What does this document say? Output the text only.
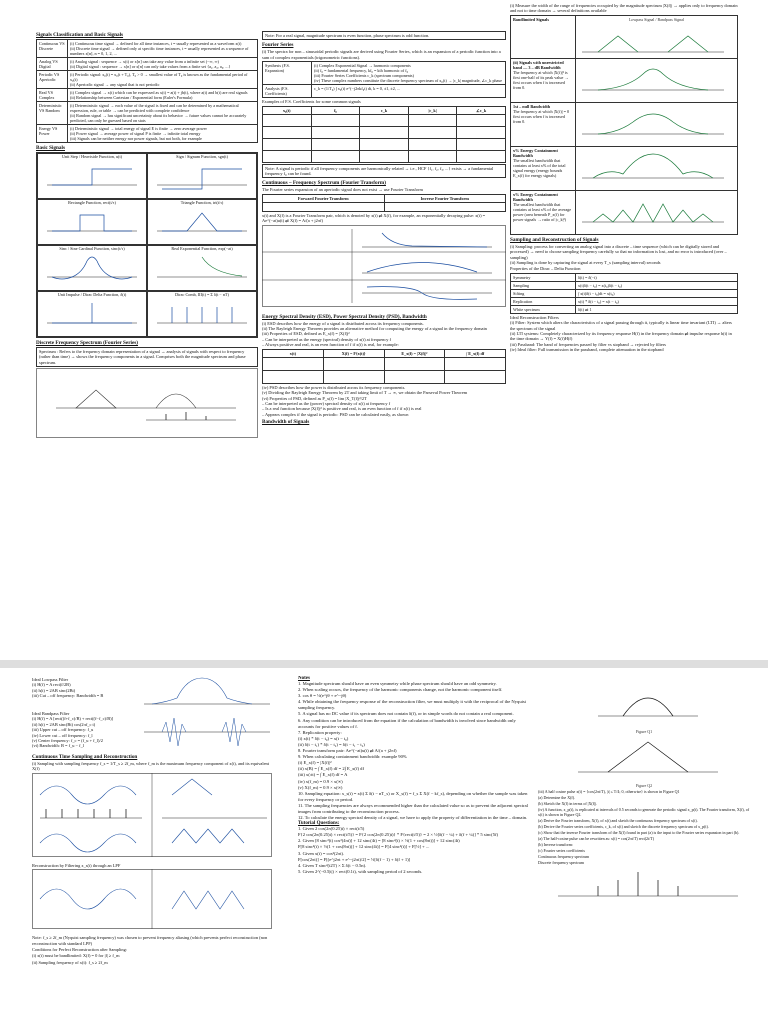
Signals Classification and Basic Signals
Continuous VS Discrete	(i) Continuous time signal → defined for all time instances, t = usually represented as a waveform x(t)
(ii) Discrete time signal → defined only at specific time instances, t = usually represented as a sequence of numbers x[n], n = 0, 1, 2, ...
Analog VS Digital	(i) Analog signal : sequence → x(t) or x[n] can take any value from a infinite set (−∞, ∞)
(ii) Digital signal : sequence → x[n] or x[n] can only take values from a finite set {a₁, a₂, a₃, ...}
Periodic VS Aperiodic	(i) Periodic signal: x₀(t) = x₀(t + T₀), T₀ > 0 → smallest value of T₀ is known as the fundamental period of x₀(t)
(ii) Aperiodic signal → any signal that is not periodic
Real VS Complex	(i) Complex signal → x(t) which can be expressed as x(t) = a(t) + jb(t), where a(t) and b(t) are real signals
(ii) Relationship between Cartesian / Exponential form (Euler's Formula)
Deterministic VS Random	(i) Deterministic signal → each value of the signal is fixed and can be determined by a mathematical expression, rule, or table → can be predicted with complete confidence
(ii) Random signal → has significant uncertainty about its behavior → future values cannot be accurately predicted, can only be guessed based on stats
Energy VS Power	(i) Deterministic signal → total energy of signal E is finite → zero average power
(ii) Power signal → average power of signal P is finite → infinite total energy
(iii) Signals can be neither energy nor power signals, but not both, for example
Basic Signals
Unit Step / Heaviside Function, u(t)	Sign / Signum Function, sgn(t)
Rectangle Function, rect(t/τ)	Triangle Function, tri(t/τ)
Sinc / Sine Cardinal Function, sinc(t/τ)	Real Exponential Function, exp(−at)
Unit Impulse / Dirac Delta Function, δ(t)	Dirac Comb, III(t) = Σ δ(t − nT)
Discrete Frequency Spectrum (Fourier Series)
Spectrum : Refers to the frequency domain representation of a signal → analysis of signals with respect to frequency (rather than time) → shows the frequency components in a signal. Comprises both the magnitude spectrum and phase spectrum.
Note: For a real signal, magnitude spectrum is even function, phase spectrum is odd function.
Fourier Series
(i) The spectra for non – sinusoidal periodic signals are derived using Fourier Series, which is an expansion of a periodic function into a sum of complex exponentials (trigonometric functions).
Synthesis (F.S. Expansion)	(i) Complex Exponential Signal → harmonic components
(ii) f₀ = fundamental frequency, kf₀ = kth harmonic of f₀
(iii) Fourier Series Coefficients c_k (spectrum components)
(iv) These complex numbers constitute the discrete frequency spectrum of x₀(t) → |c_k| magnitude, ∠c_k phase
Analysis (F.S. Coefficients)	c_k = (1/T₀) ∫ x₀(t) e^(−j2πkf₀t) dt, k = 0, ±1, ±2, ...
Examples of F.S. Coefficients for some common signals
x₀(t)	f₀	c_k	|c_k|	∠c_k

Note: A signal is periodic if all frequency components are harmonically related → i.e., HCF {f₁, f₂, f₃, ...} exists → a fundamental frequency f₀ can be found.
Continuous – Frequency Spectrum (Fourier Transform)
The Fourier series expansion of an aperiodic signal does not exist → use Fourier Transform
Forward Fourier Transform	Inverse Fourier Transform

x(t) and X(f) is a Fourier Transform pair, which is denoted by x(t) ⇌ X(f), for example, an exponentially decaying pulse: x(t) = Ae^(−at)u(t) ⇌ X(f) = A/(a + j2πf)
Energy Spectral Density (ESD), Power Spectral Density (PSD), Bandwidth
(i) ESD describes how the energy of a signal is distributed across its frequency components.
(ii) The Rayleigh Energy Theorem provides an alternative method for computing the energy of a signal in the frequency domain
(iii) Properties of ESD, defined as E_x(f) = |X(f)|²
– Can be interpreted as the energy (spectral) density of x(t) at frequency f
– Always positive and real, is an even function of f if x(t) is real, for example:
x(t)	X(f) = F{x(t)}	E_x(f) = |X(f)|²	∫ E_x(f) df

(iv) PSD describes how the power is distributed across its frequency components.
(v) Dividing the Rayleigh Energy Theorem by 2T and taking limit of T → ∞, we obtain the Parseval Power Theorem
(vi) Properties of PSD, defined as P_x(f) = lim |X_T(f)|²/2T
– Can be interpreted as the (power) spectral density of x(t) at frequency f
– Is a real function because |X(f)|² is positive and real, is an even function of f if x(t) is real
– Appears complex if the signal is periodic: PSD can be calculated easily, as shown
Bandwidth of Signals
(i) Measure the width of the range of frequencies occupied by the magnitude spectrum |X(f)| → applies only to frequency domain and not to time domain → several definitions available
Bandlimited Signals	Lowpass Signal / Bandpass Signal

(ii) Signals with unrestricted band — 3 – dB Bandwidth
The frequency at which |X(f)|² is first one-half of its peak value → first occurs when f is increased from 0.

1st – null Bandwidth
The frequency at which |X(f)| = 0 first occurs when f is increased from 0.

x% Energy Containment Bandwidth
The smallest bandwidth that contains at least x% of the total signal energy (energy bounds E_x(f) for energy signals)

x% Energy Containment Bandwidth
The smallest bandwidth that contains at least x% of the average power (area beneath P_x(f) for power signals → ratio of |c_k|²)

Sampling and Reconstruction of Signals
(i) Sampling: process for converting an analog signal into a discrete – time sequence (which can be digitally stored and processed) → need to choose sampling frequency carefully so that no information is lost, and no error is introduced (over – sampling)
(ii) Sampling is done by capturing the signal at every T_s (sampling interval) seconds
Properties of the Dirac – Delta Function
Symmetry	δ(t) = δ(−t)
Sampling	x(t)δ(t − t₀) = x(t₀)δ(t − t₀)
Sifting	∫ x(t)δ(t − t₀)dt = x(t₀)
Replication	x(t) * δ(t − t₀) = x(t − t₀)
White spectrum	δ(t) ⇌ 1
Ideal Reconstruction Filters
(i) Filter: System which alters the characteristics of a signal passing through it, typically is linear time invariant (LTI) → alters the spectrum of the signal
(ii) LTI systems: Completely characterized by its frequency response H(f) in the frequency domain ⇌ impulse response h(t) in the time domain → Y(f) = X(f)H(f)
(iii) Passband: The band of frequencies passed by filter vs stopband → rejected by filters
(iv) Ideal filter: Full transmission in the passband, complete attenuation in the stopband
Ideal Lowpass Filter
(i) H(f) = A rect(f/2B)
(ii) h(t) = 2AB sinc(2Bt)
(iii) Cut – off frequency: Bandwidth = B
Ideal Bandpass Filter
(i) H(f) = A [rect((f+f_c)/B) + rect((f−f_c)/B)]
(ii) h(t) = 2AB sinc(Bt) cos(2πf_c t)
(iii) Upper cut – off frequency: f_u
(iv) Lower cut – off frequency: f_l
(v) Center frequency: f_c = (f_u + f_l)/2
(vi) Bandwidth: B = f_u − f_l
Continuous Time Sampling and Reconstruction
(i) Sampling with sampling frequency f_s = 1/T_s ≥ 2f_m, where f_m is the maximum frequency component of x(t), and its equivalent X(f)
Reconstruction by Filtering x_s(t) through an LPF
Note: f_s ≥ 2f_m (Nyquist sampling frequency) was chosen to prevent frequency aliasing (which prevents perfect reconstruction (non reconstruction with standard LPF)
Conditions for Perfect Reconstruction after Sampling:
(i) x(t) must be bandlimited: X(f) = 0 for |f| ≥ f_m
(ii) Sampling frequency of x(t): f_s ≥ 2f_m
Notes
1. Magnitude spectrum should have an even symmetry while phase spectrum should have an odd symmetry.
2. When scaling occurs, the frequency of the harmonic components change, not the harmonic component itself.
3. cos θ = ½(e^jθ + e^−jθ)
4. While obtaining the frequency response of the reconstruction filter, we must multiply it with the reciprocal of the Nyquist sampling frequency.
5. A signal has no DC value if its spectrum does not contain δ(f), or in simple words do not contain a real component.
6. Any condition can be introduced from the equation if the calculation of bandwidth is involved since bandwidth only accounts for positive values of f.
7. Replication property:
(i) x(t) * δ(t − t₀) = x(t − t₀)
(ii) δ(t − t₁) * δ(t − t₂) = δ(t − t₁ − t₂)
8. Fourier transform pair: Ae^(−at)u(t) ⇌ A/(a + j2πf)
9. When calculating containment bandwidth: example 90%
(i) E_x(f) = |X(f)|²
(ii) x(B) = ∫ E_x(f) df = 2∫ E_x(f) df
(iii) x(±t) = ∫ E_x(f) df = A
(iv) x(f_m) = 0.9 × x(∞)
(v) X(f_m) = 0.9 × x(∞)
10. Sampling equation: x_s(t) = x(t) Σ δ(t − nT_s) or X_s(f) = f_s Σ X(f − kf_s), depending on whether the sample was taken for every frequency or period.
11. The sampling frequencies are always recommended higher than the calculated value so as to prevent the adjacent spectral images from contributing to the reconstruction process.
12. To calculate the energy spectral density of a signal, we have to apply the property of differentiation in the time – domain.
Tutorial Questions:
1. Given 2 cos(2π(0.25)t) × rect(t/5)
F{2 cos(2π(0.25)t) × rect(t/5)} = F{2 cos(2π(0.25)t)} * F{rect(t/5)} = 2 × ½[δ(f − ¼) + δ(f + ¼)] * 5 sinc(5f)
2. Given [8 sinc²(t) cos²(4πt)] + 12 sinc(4t) = [8 sinc²(t) × ½(1 + cos(8πt))] + 12 sinc(4t)
F[8 sinc²(t) × ½(1 + cos(8πt))] + 12 sinc(4t)] = F[4 sinc²(t)] + F[½] + ...
3. Given x(t) = cos²(2πt).
F[cos(2πt)] = F[(e^j2πt + e^−j2πt)/2] = ½[δ(f − 1) + δ(f + 1)]
4. Given T sinc²(t2T) × Σ δ(t − 0.5n).
5. Given 2^(−0.5|t|) × rect(0.1t), with sampling period of 2 seconds.
Figure Q1
Figure Q2
(iii) A half cosine pulse x(t) = {cos(2πt/T), |t| ≤ T/4; 0, otherwise} is shown in Figure Q1
(a) Determine the X(f).
(b) Sketch the X(f) in terms of |X(f)|.
(iv) A function, x_p(t), is replicated at intervals of 0.5 seconds to generate the periodic signal x_p(t). The Fourier transform, X(f), of x(t) is shown in Figure Q2.
(a) Derive the Fourier transform, X(f), of x(t) and sketch the continuous frequency spectrum of x(t).
(b) Derive the Fourier series coefficients, c_k, of x(t) and sketch the discrete frequency spectrum of x_p(t).
(c) Show that the inverse Fourier transform of the X(f) found in part (a) is the input to the Fourier series expansion in part (b).
(a) The half-cosine pulse can be rewritten as: x(t) = cos(2πt/T) rect(2t/T)
(b) Inverse transform:
(c) Fourier series coefficients
Continuous frequency spectrum
Discrete frequency spectrum
